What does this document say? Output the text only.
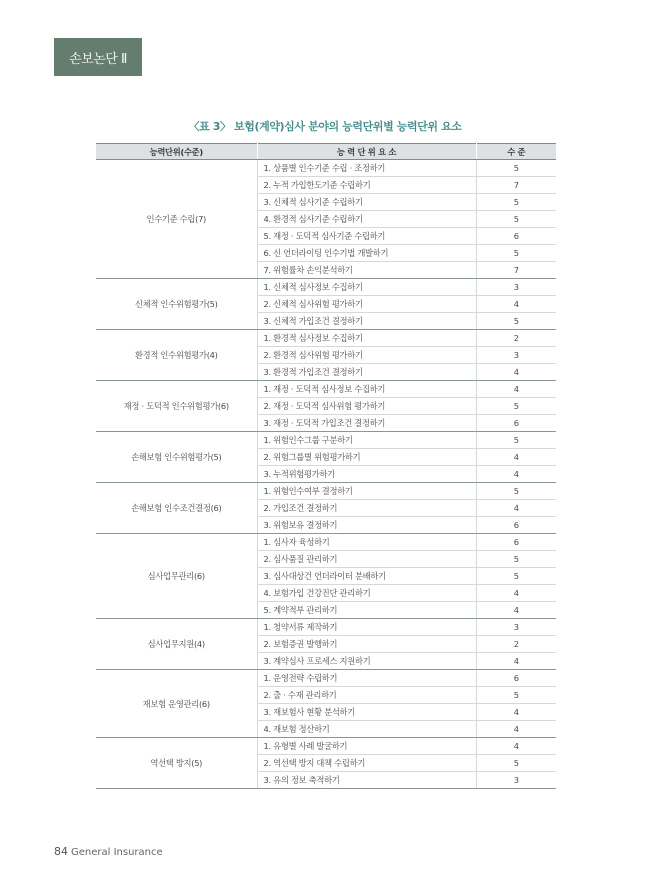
손보논단 Ⅱ
〈표 3〉 보험(계약)심사 분야의 능력단위별 능력단위 요소
능력단위(수준)	능 력 단 위 요 소	수 준
인수기준 수립(7)	1. 상품별 인수기준 수립 · 조정하기	5
	2. 누적 가입한도기준 수립하기	7
	3. 신체적 심사기준 수립하기	5
	4. 환경적 심사기준 수립하기	5
	5. 재정 · 도덕적 심사기준 수립하기	6
	6. 신 언더라이팅 인수기법 개발하기	5
	7. 위험률차 손익분석하기	7
신체적 인수위험평가(5)	1. 신체적 심사정보 수집하기	3
	2. 신체적 심사위험 평가하기	4
	3. 신체적 가입조건 결정하기	5
환경적 인수위험평가(4)	1. 환경적 심사정보 수집하기	2
	2. 환경적 심사위험 평가하기	3
	3. 환경적 가입조건 결정하기	4
재정 · 도덕적 인수위험평가(6)	1. 재정 · 도덕적 심사정보 수집하기	4
	2. 재정 · 도덕적 심사위험 평가하기	5
	3. 재정 · 도덕적 가입조건 결정하기	6
손해보험 인수위험평가(5)	1. 위험인수그룹 구분하기	5
	2. 위험그룹별 위험평가하기	4
	3. 누적위험평가하기	4
손해보험 인수조건결정(6)	1. 위험인수여부 결정하기	5
	2. 가입조건 결정하기	4
	3. 위험보유 결정하기	6
심사업무관리(6)	1. 심사자 육성하기	6
	2. 심사품질 관리하기	5
	3. 심사대상건 언더라이터 분배하기	5
	4. 보험가입 건강진단 관리하기	4
	5. 계약적부 관리하기	4
심사업무지원(4)	1. 청약서류 제작하기	3
	2. 보험증권 발행하기	2
	3. 계약심사 프로세스 지원하기	4
재보험 운영관리(6)	1. 운영전략 수립하기	6
	2. 출 · 수재 관리하기	5
	3. 재보험사 현황 분석하기	4
	4. 재보험 정산하기	4
역선택 방지(5)	1. 유형별 사례 발굴하기	4
	2. 역선택 방지 대책 수립하기	5
	3. 유의 정보 축적하기	3
84 General Insurance
